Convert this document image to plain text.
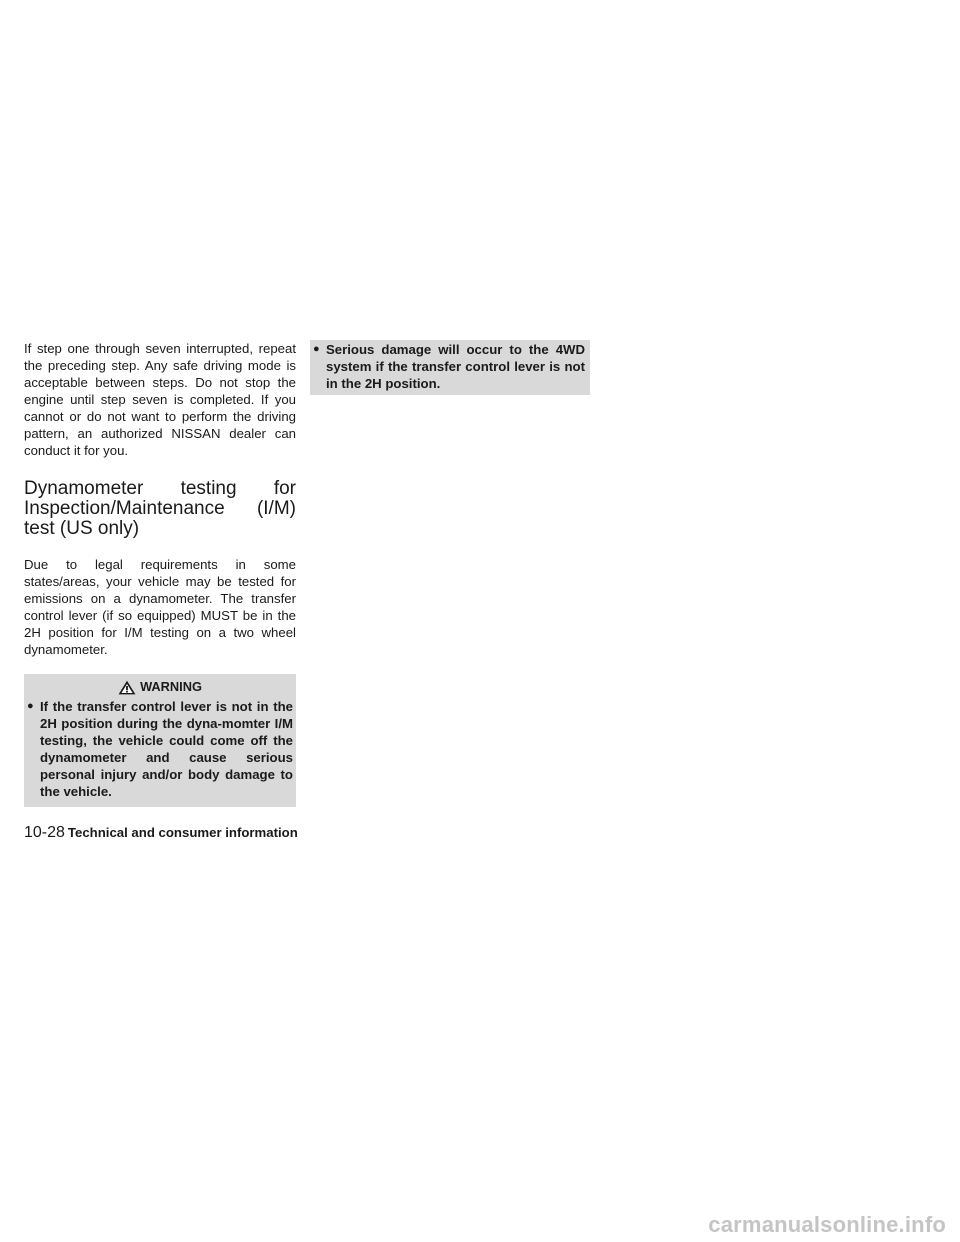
If step one through seven interrupted, repeat the preceding step. Any safe driving mode is acceptable between steps. Do not stop the engine until step seven is completed. If you cannot or do not want to perform the driving pattern, an authorized NISSAN dealer can conduct it for you.

Dynamometer testing for Inspection/Maintenance (I/M) test (US only)

Due to legal requirements in some states/areas, your vehicle may be tested for emissions on a dynamometer. The transfer control lever (if so equipped) MUST be in the 2H position for I/M testing on a two wheel dynamometer.

WARNING
● If the transfer control lever is not in the 2H position during the dyna-momter I/M testing, the vehicle could come off the dynamometer and cause serious personal injury and/or body damage to the vehicle.
● Serious damage will occur to the 4WD system if the transfer control lever is not in the 2H position.
10-28 Technical and consumer information
carmanualsonline.info
